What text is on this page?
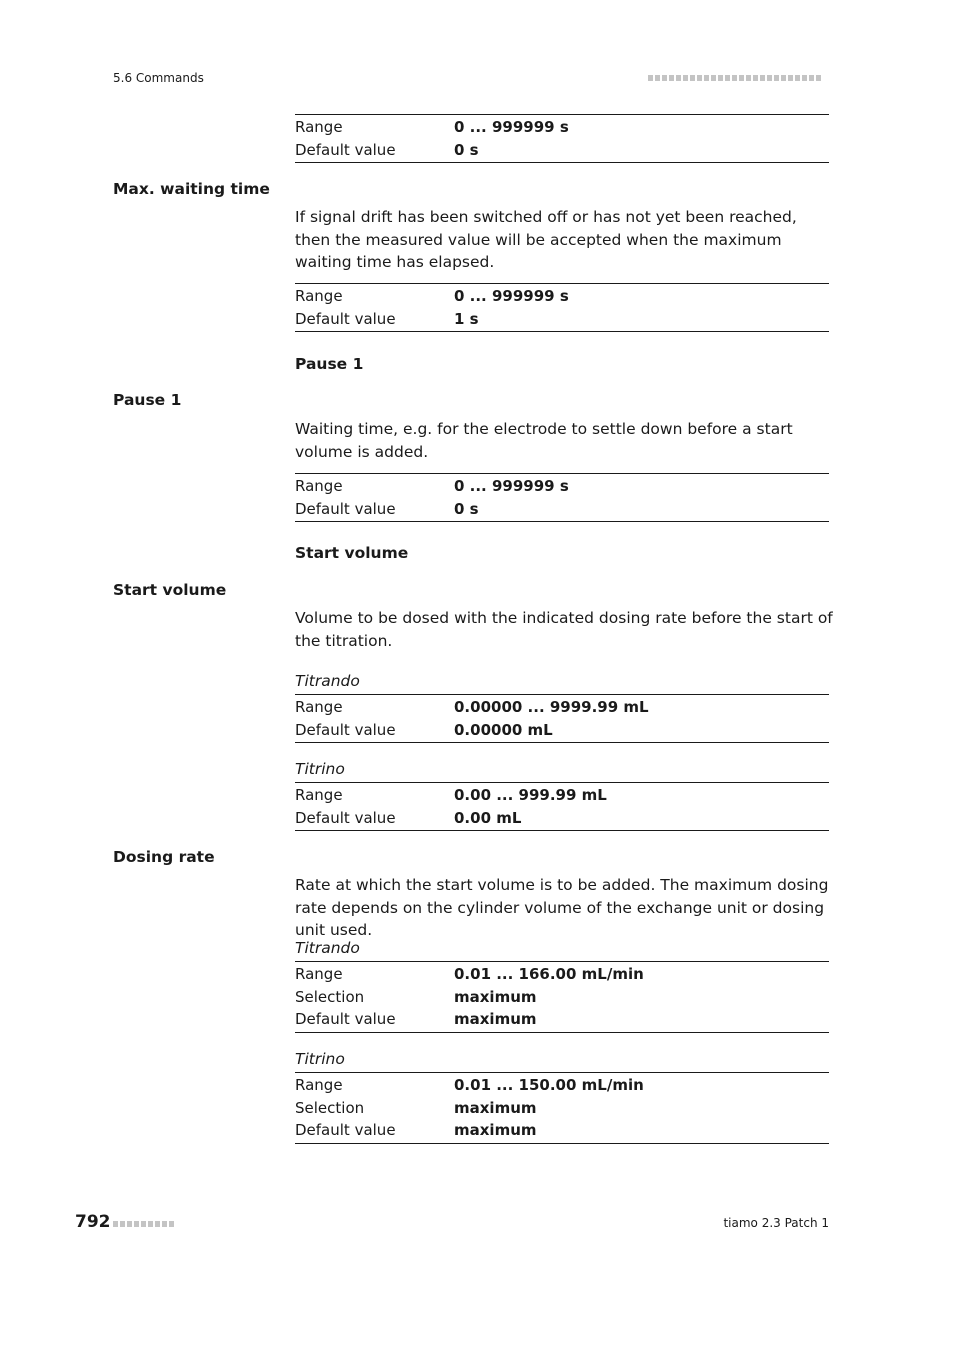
5.6 Commands
Range	0 ... 999999 s
Default value	0 s
Max. waiting time
If signal drift has been switched off or has not yet been reached, then the measured value will be accepted when the maximum waiting time has elapsed.
Range	0 ... 999999 s
Default value	1 s
Pause 1
Pause 1
Waiting time, e.g. for the electrode to settle down before a start volume is added.
Range	0 ... 999999 s
Default value	0 s
Start volume
Start volume
Volume to be dosed with the indicated dosing rate before the start of the titration.
Titrando
Range	0.00000 ... 9999.99 mL
Default value	0.00000 mL
Titrino
Range	0.00 ... 999.99 mL
Default value	0.00 mL
Dosing rate
Rate at which the start volume is to be added. The maximum dosing rate depends on the cylinder volume of the exchange unit or dosing unit used.
Titrando
Range	0.01 ... 166.00 mL/min
Selection	maximum
Default value	maximum
Titrino
Range	0.01 ... 150.00 mL/min
Selection	maximum
Default value	maximum
792	tiamo 2.3 Patch 1
